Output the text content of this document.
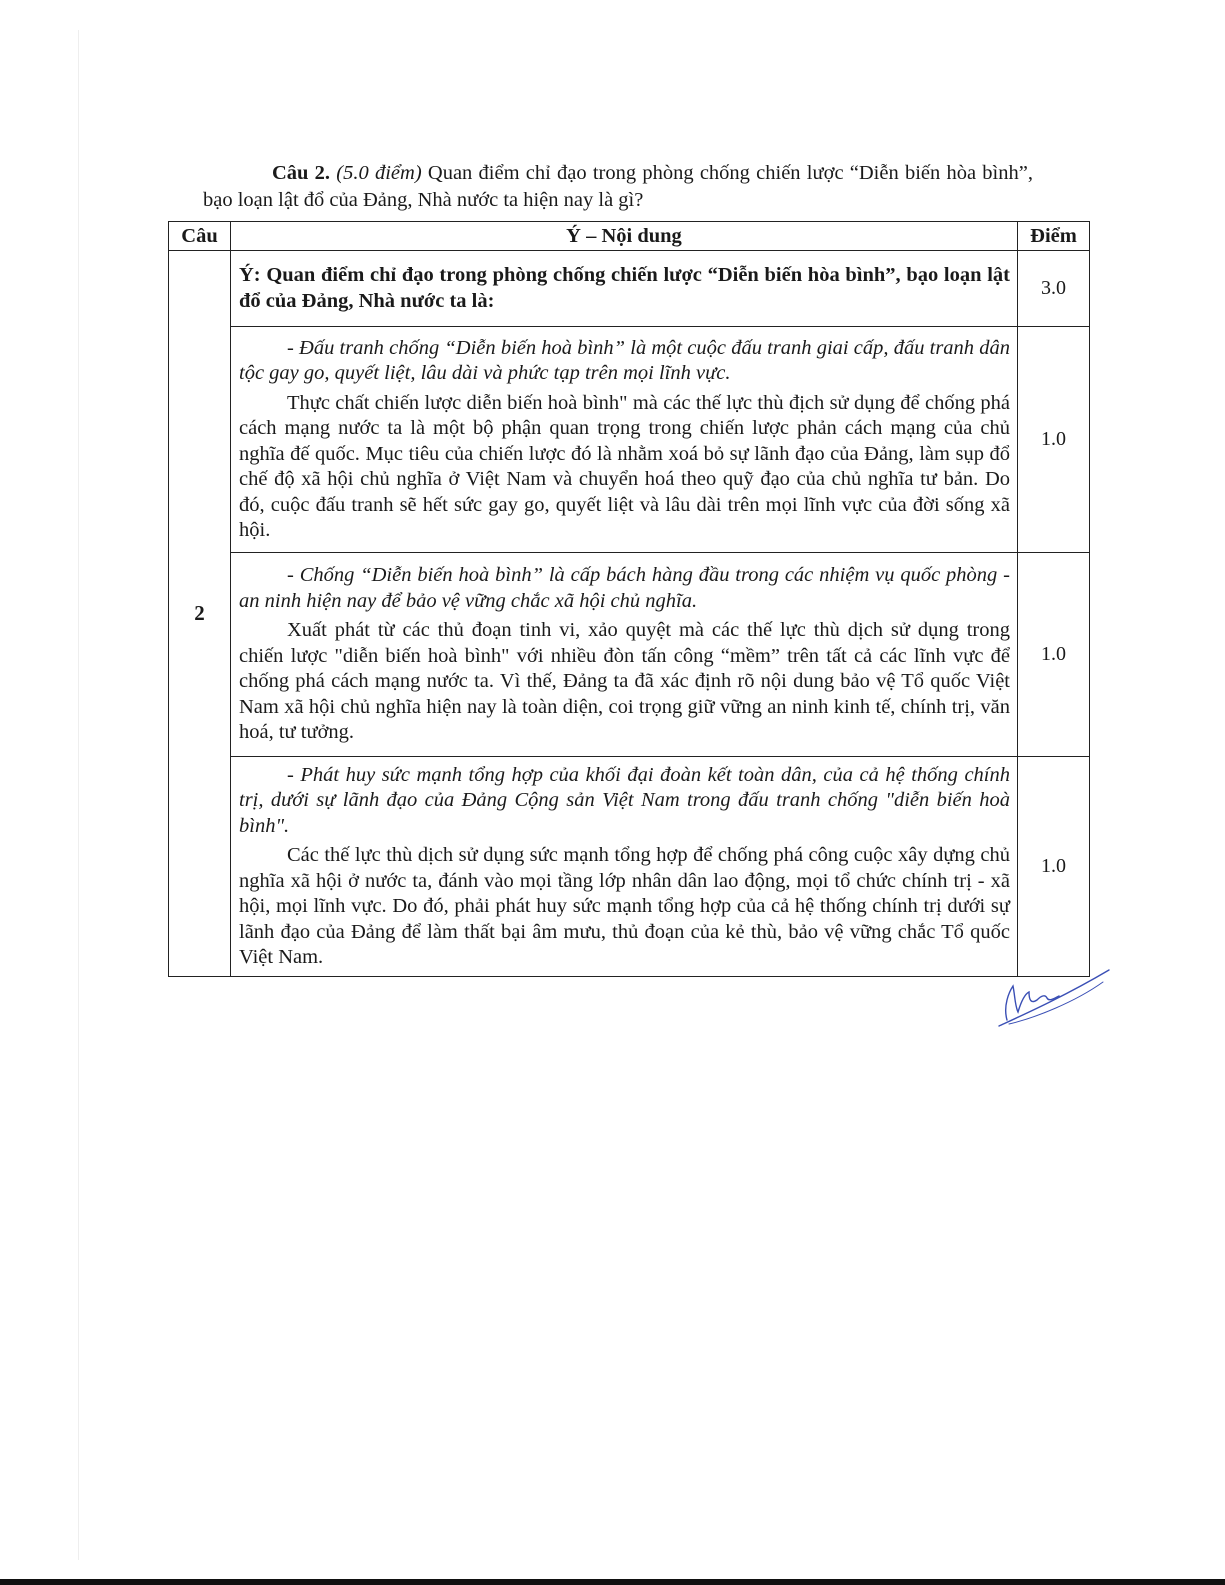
Câu 2. (5.0 điểm) Quan điểm chỉ đạo trong phòng chống chiến lược “Diễn biến hòa bình”, bạo loạn lật đổ của Đảng, Nhà nước ta hiện nay là gì?
Câu	Ý – Nội dung	Điểm
2	Ý: Quan điểm chỉ đạo trong phòng chống chiến lược “Diễn biến hòa bình”, bạo loạn lật đổ của Đảng, Nhà nước ta là:	3.0

	- Đấu tranh chống “Diễn biến hoà bình” là một cuộc đấu tranh giai cấp, đấu tranh dân tộc gay go, quyết liệt, lâu dài và phức tạp trên mọi lĩnh vực.

Thực chất chiến lược diễn biến hoà bình" mà các thế lực thù địch sử dụng để chống phá cách mạng nước ta là một bộ phận quan trọng trong chiến lược phản cách mạng của chủ nghĩa đế quốc. Mục tiêu của chiến lược đó là nhằm xoá bỏ sự lãnh đạo của Đảng, làm sụp đổ chế độ xã hội chủ nghĩa ở Việt Nam và chuyển hoá theo quỹ đạo của chủ nghĩa tư bản. Do đó, cuộc đấu tranh sẽ hết sức gay go, quyết liệt và lâu dài trên mọi lĩnh vực của đời sống xã hội.	1.0

	- Chống “Diễn biến hoà bình” là cấp bách hàng đầu trong các nhiệm vụ quốc phòng - an ninh hiện nay để bảo vệ vững chắc xã hội chủ nghĩa.

Xuất phát từ các thủ đoạn tinh vi, xảo quyệt mà các thế lực thù dịch sử dụng trong chiến lược "diễn biến hoà bình" với nhiều đòn tấn công “mềm” trên tất cả các lĩnh vực để chống phá cách mạng nước ta. Vì thế, Đảng ta đã xác định rõ nội dung bảo vệ Tổ quốc Việt Nam xã hội chủ nghĩa hiện nay là toàn diện, coi trọng giữ vững an ninh kinh tế, chính trị, văn hoá, tư tưởng.	1.0

	- Phát huy sức mạnh tổng hợp của khối đại đoàn kết toàn dân, của cả hệ thống chính trị, dưới sự lãnh đạo của Đảng Cộng sản Việt Nam trong đấu tranh chống "diễn biến hoà bình".

Các thế lực thù dịch sử dụng sức mạnh tổng hợp để chống phá công cuộc xây dựng chủ nghĩa xã hội ở nước ta, đánh vào mọi tầng lớp nhân dân lao động, mọi tổ chức chính trị - xã hội, mọi lĩnh vực. Do đó, phải phát huy sức mạnh tổng hợp của cả hệ thống chính trị dưới sự lãnh đạo của Đảng để làm thất bại âm mưu, thủ đoạn của kẻ thù, bảo vệ vững chắc Tổ quốc Việt Nam.	1.0
